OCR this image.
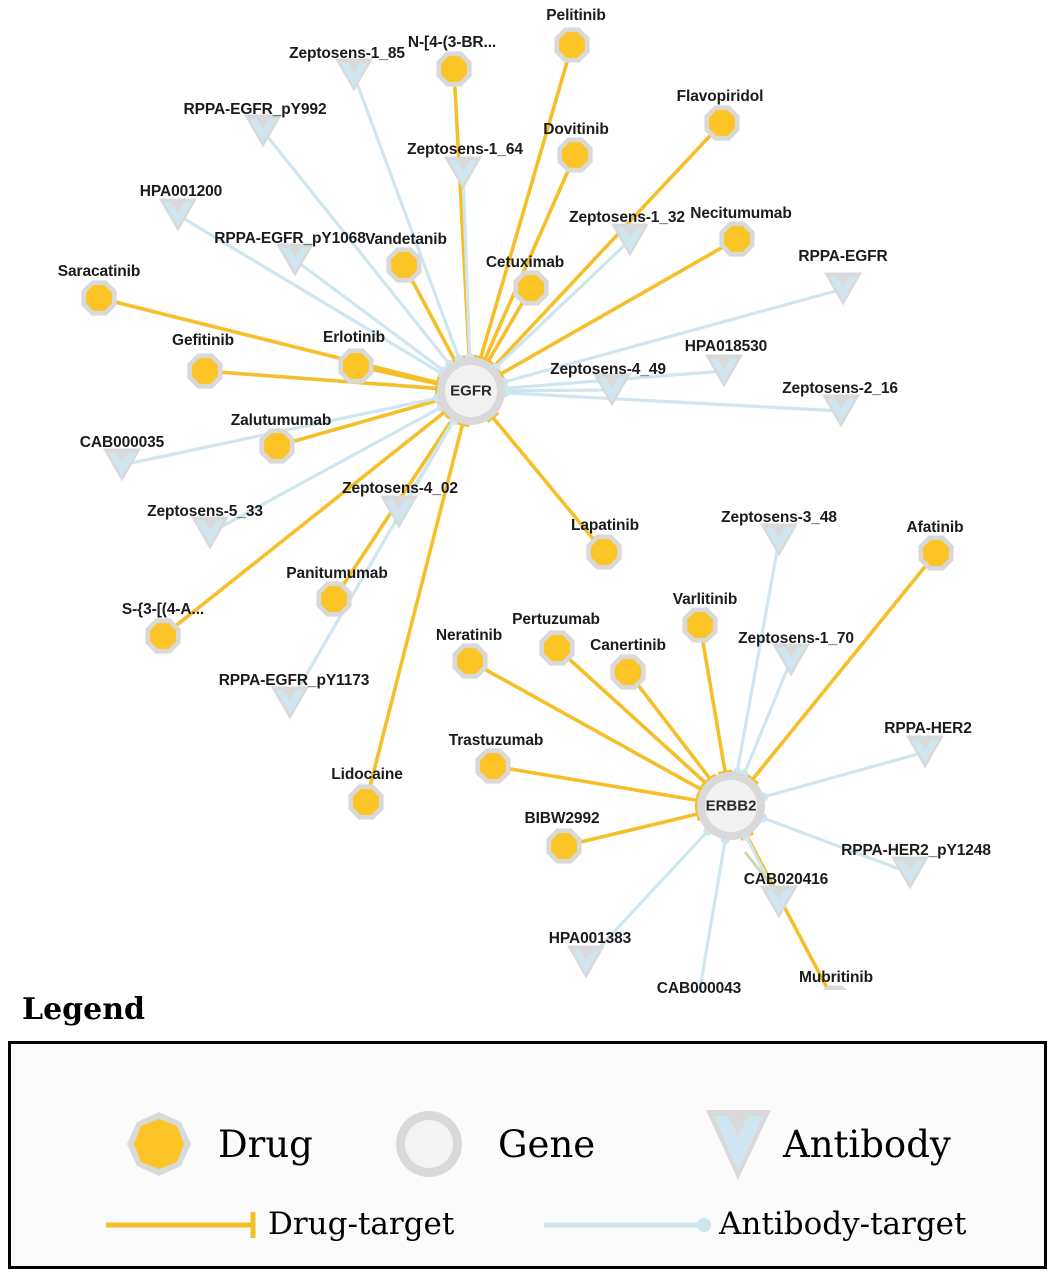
Pelitinib
N-[4-(3-BR...
Flavopiridol
Dovitinib
Necitumumab
Vandetanib
Cetuximab
Saracatinib
Erlotinib
Gefitinib
Zalutumumab
Panitumumab
S-{3-[(4-A...
Lapatinib	Afatinib
Varlitinib
Pertuzumab
Canertinib
Neratinib
Trastuzumab
Lidocaine
BIBW2992
Mubritinib
Zeptosens-1_85
RPPA-EGFR_pY992
Zeptosens-1_64
HPA001200
Zeptosens-1_32
RPPA-EGFR_pY1068
RPPA-EGFR
HPA018530
Zeptosens-4_49
Zeptosens-2_16
CAB000035
Zeptosens-4_02
Zeptosens-5_33	Zeptosens-3_48
Zeptosens-1_70
RPPA-EGFR_pY1173
RPPA-HER2
RPPA-HER2_pY1248
CAB020416
HPA001383
CAB000043
EGFR
ERBB2
Legend
Drug	Gene	Antibody
Drug-target	Antibody-target
